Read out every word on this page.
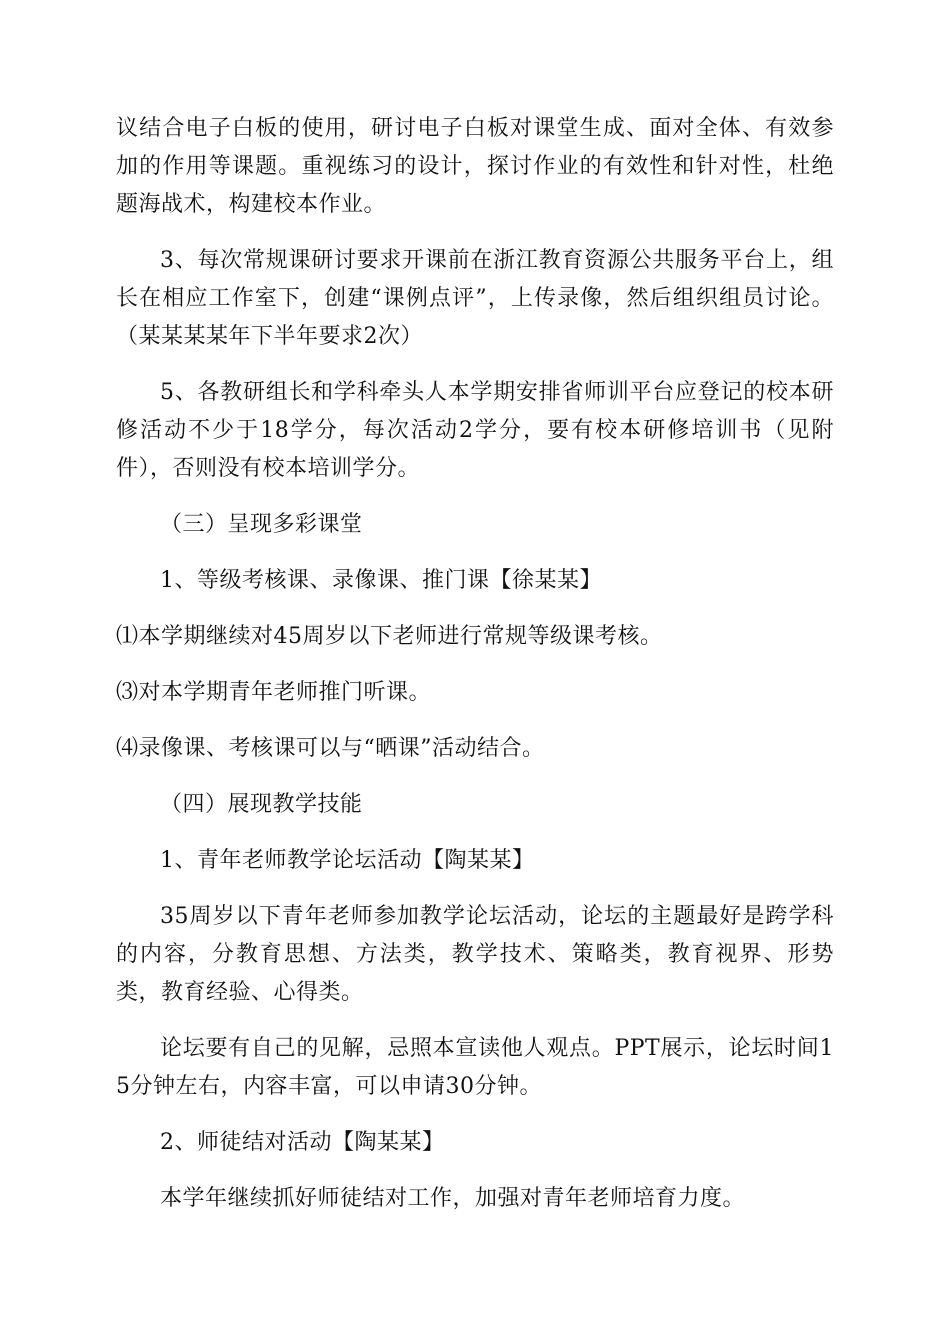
议结合电子白板的使用，研讨电子白板对课堂生成、面对全体、有效参加的作用等课题。重视练习的设计，探讨作业的有效性和针对性，杜绝题海战术，构建校本作业。

3、每次常规课研讨要求开课前在浙江教育资源公共服务平台上，组长在相应工作室下，创建“课例点评”，上传录像，然后组织组员讨论。（某某某某年下半年要求2次）

5、各教研组长和学科牵头人本学期安排省师训平台应登记的校本研修活动不少于18学分，每次活动2学分，要有校本研修培训书（见附件），否则没有校本培训学分。

（三）呈现多彩课堂

1、等级考核课、录像课、推门课【徐某某】

⑴本学期继续对45周岁以下老师进行常规等级课考核。

⑶对本学期青年老师推门听课。

⑷录像课、考核课可以与“晒课”活动结合。

（四）展现教学技能

1、青年老师教学论坛活动【陶某某】

35周岁以下青年老师参加教学论坛活动，论坛的主题最好是跨学科的内容，分教育思想、方法类，教学技术、策略类，教育视界、形势类，教育经验、心得类。

论坛要有自己的见解，忌照本宣读他人观点。PPT展示，论坛时间15分钟左右，内容丰富，可以申请30分钟。

2、师徒结对活动【陶某某】

本学年继续抓好师徒结对工作，加强对青年老师培育力度。
